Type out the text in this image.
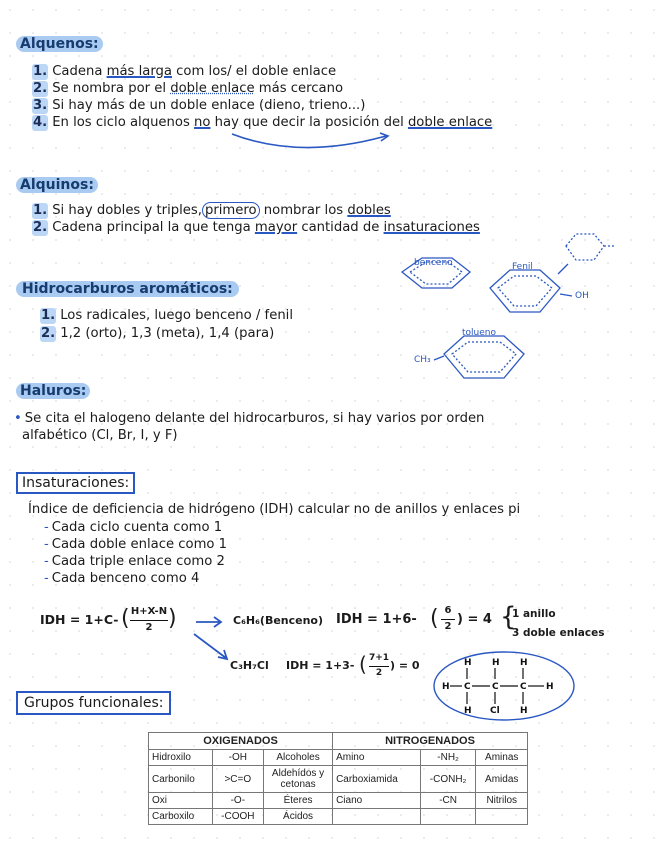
Alquenos:
1. Cadena más larga com los/ el doble enlace
2. Se nombra por el doble enlace más cercano
3. Si hay más de un doble enlace (dieno, trieno...)
4. En los ciclo alquenos no hay que decir la posición del doble enlace
Alquinos:
1. Si hay dobles y triples, primero nombrar los dobles
2. Cadena principal la que tenga mayor cantidad de insaturaciones
Hidrocarburos aromáticos:
1. Los radicales, luego benceno / fenil
2. 1,2 (orto), 1,3 (meta), 1,4 (para)
benceno	Fenil
tolueno
OH
CH₃
Haluros:
• Se cita el halogeno delante del hidrocarburos, si hay varios por orden
alfabético (Cl, Br, I, y F)
Insaturaciones:
Índice de deficiencia de hidrógeno (IDH) calcular no de anillos y enlaces pi
- Cada ciclo cuenta como 1
- Cada doble enlace como 1
- Cada triple enlace como 2
- Cada benceno como 4
IDH = 1+C-
H+X-N
2
( )	C₆H₆(Benceno) IDH = 1+6- ( 6
2 ) = 4 {
1 anillo
3 doble enlaces
C₃H₇Cl IDH = 1+3- ( 7+1
2
) = 0	H H H
H C C C H
H Cl H
Grupos funcionales:
OXIGENADOS			NITROGENADOS		
Hidroxilo	-OH	Alcoholes	Amino	-NH₂	Aminas
Carbonilo	>C=O	Aldehídos y cetonas	Carboxiamida	-CONH₂	Amidas
Oxi	-O-	Éteres	Ciano	-CN	Nitrilos
Carboxilo	-COOH	Ácidos			
